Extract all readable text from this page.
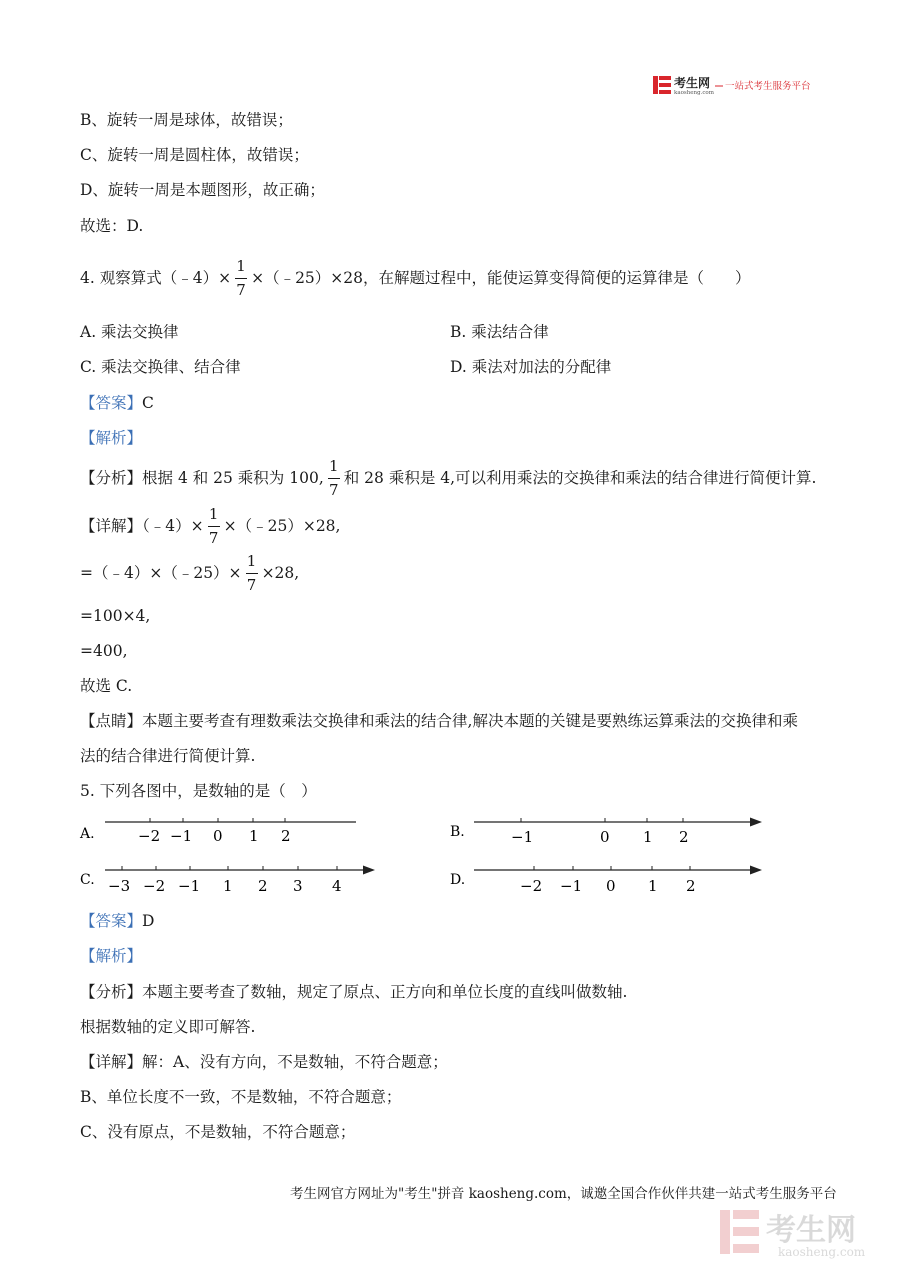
考生网
kaosheng.com
一站式考生服务平台
B、旋转一周是球体，故错误；
C、旋转一周是圆柱体，故错误；
D、旋转一周是本题图形，故正确；
故选：D.
4. 观察算式（﹣4）× $\frac{1}{7}$ ×（﹣25）×28，在解题过程中，能使运算变得简便的运算律是（　　）
A. 乘法交换律	B. 乘法结合律
C. 乘法交换律、结合律	D. 乘法对加法的分配律
【答案】C
【解析】
【分析】根据 4 和 25 乘积为 100, $\frac{1}{7}$ 和 28 乘积是 4,可以利用乘法的交换律和乘法的结合律进行简便计算.
【详解】（﹣4）× $\frac{1}{7}$ ×（﹣25）×28,
=（﹣4）×（﹣25）× $\frac{1}{7} \times 28$,
=100×4,
=400,
故选 C.
【点睛】本题主要考查有理数乘法交换律和乘法的结合律,解决本题的关键是要熟练运算乘法的交换律和乘
法的结合律进行简便计算.
5. 下列各图中，是数轴的是（　）
A.	−2 −1 0 1 2	B.	−1	0 1 2
C. −3 −2 −1 1 2 3 4	D.	−2 −1 0 1 2
【答案】D
【解析】
【分析】本题主要考查了数轴，规定了原点、正方向和单位长度的直线叫做数轴.
根据数轴的定义即可解答.
【详解】解：A、没有方向，不是数轴，不符合题意；
B、单位长度不一致，不是数轴，不符合题意；
C、没有原点，不是数轴，不符合题意；
考生网官方网址为"考生"拼音 kaosheng.com，诚邀全国合作伙伴共建一站式考生服务平台
考生网
kaosheng.com
